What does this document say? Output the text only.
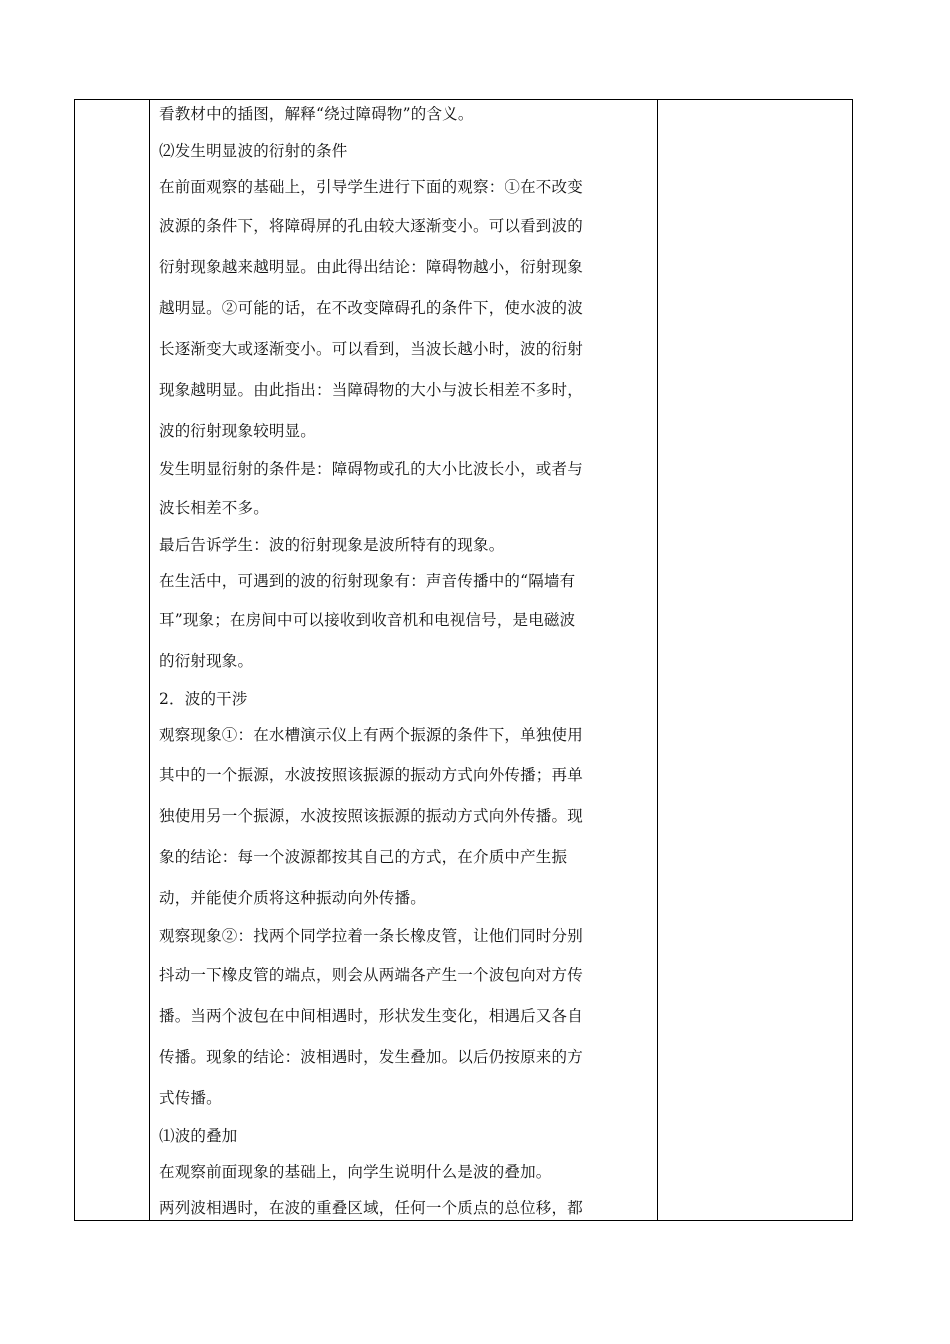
看教材中的插图，解释“绕过障碍物”的含义。
⑵发生明显波的衍射的条件
在前面观察的基础上，引导学生进行下面的观察：①在不改变
波源的条件下，将障碍屏的孔由较大逐渐变小。可以看到波的
衍射现象越来越明显。由此得出结论：障碍物越小，衍射现象
越明显。②可能的话，在不改变障碍孔的条件下，使水波的波
长逐渐变大或逐渐变小。可以看到，当波长越小时，波的衍射
现象越明显。由此指出：当障碍物的大小与波长相差不多时，
波的衍射现象较明显。
发生明显衍射的条件是：障碍物或孔的大小比波长小，或者与
波长相差不多。
最后告诉学生：波的衍射现象是波所特有的现象。
在生活中，可遇到的波的衍射现象有：声音传播中的“隔墙有
耳”现象；在房间中可以接收到收音机和电视信号，是电磁波
的衍射现象。
2．波的干涉
观察现象①：在水槽演示仪上有两个振源的条件下，单独使用
其中的一个振源，水波按照该振源的振动方式向外传播；再单
独使用另一个振源，水波按照该振源的振动方式向外传播。现
象的结论：每一个波源都按其自己的方式，在介质中产生振
动，并能使介质将这种振动向外传播。
观察现象②：找两个同学拉着一条长橡皮管，让他们同时分别
抖动一下橡皮管的端点，则会从两端各产生一个波包向对方传
播。当两个波包在中间相遇时，形状发生变化，相遇后又各自
传播。现象的结论：波相遇时，发生叠加。以后仍按原来的方
式传播。
⑴波的叠加
在观察前面现象的基础上，向学生说明什么是波的叠加。
两列波相遇时，在波的重叠区域，任何一个质点的总位移，都
